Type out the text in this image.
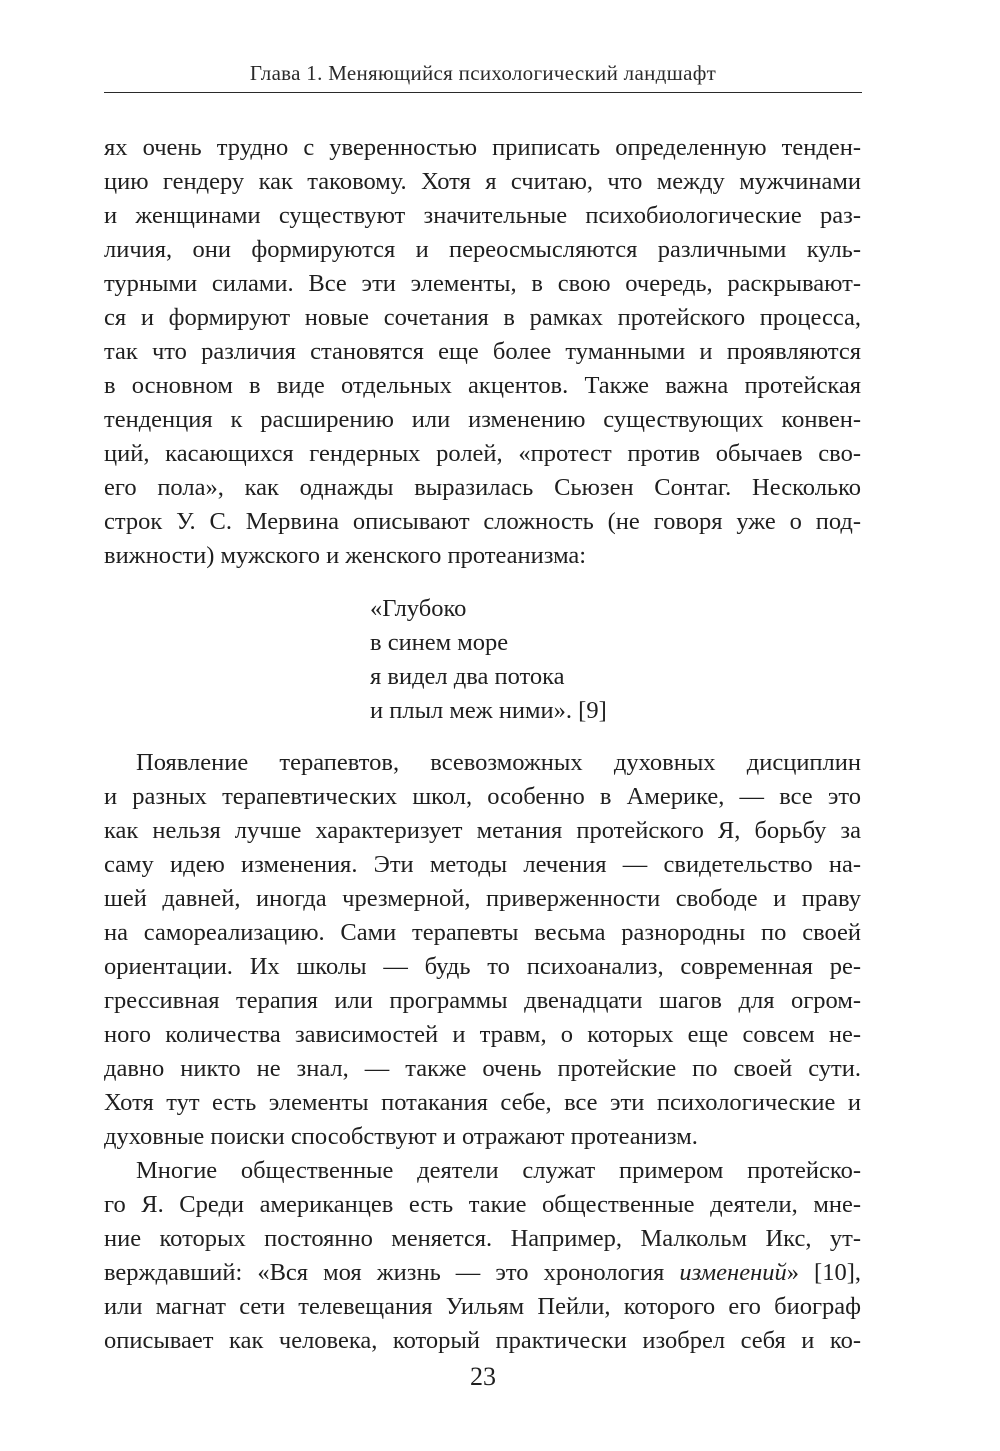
Глава 1. Меняющийся психологический ландшафт
ях очень трудно с уверенностью приписать определенную тенден-
цию гендеру как таковому. Хотя я считаю, что между мужчинами
и женщинами существуют значительные психобиологические раз-
личия, они формируются и переосмысляются различными куль-
турными силами. Все эти элементы, в свою очередь, раскрывают-
ся и формируют новые сочетания в рамках протейского процесса,
так что различия становятся еще более туманными и проявляются
в основном в виде отдельных акцентов. Также важна протейская
тенденция к расширению или изменению существующих конвен-
ций, касающихся гендерных ролей, «протест против обычаев сво-
его пола», как однажды выразилась Сьюзен Сонтаг. Несколько
строк У. С. Мервина описывают сложность (не говоря уже о под-
вижности) мужского и женского протеанизма:
«Глубоко
в синем море
я видел два потока
и плыл меж ними». [9]
Появление терапевтов, всевозможных духовных дисциплин
и разных терапевтических школ, особенно в Америке, — все это
как нельзя лучше характеризует метания протейского Я, борьбу за
саму идею изменения. Эти методы лечения — свидетельство на-
шей давней, иногда чрезмерной, приверженности свободе и праву
на самореализацию. Сами терапевты весьма разнородны по своей
ориентации. Их школы — будь то психоанализ, современная ре-
грессивная терапия или программы двенадцати шагов для огром-
ного количества зависимостей и травм, о которых еще совсем не-
давно никто не знал, — также очень протейские по своей сути.
Хотя тут есть элементы потакания себе, все эти психологические и
духовные поиски способствуют и отражают протеанизм.
Многие общественные деятели служат примером протейско-
го Я. Среди американцев есть такие общественные деятели, мне-
ние которых постоянно меняется. Например, Малкольм Икс, ут-
верждавший: «Вся моя жизнь — это хронология изменений» [10],
или магнат сети телевещания Уильям Пейли, которого его биограф
описывает как человека, который практически изобрел себя и ко-
23
